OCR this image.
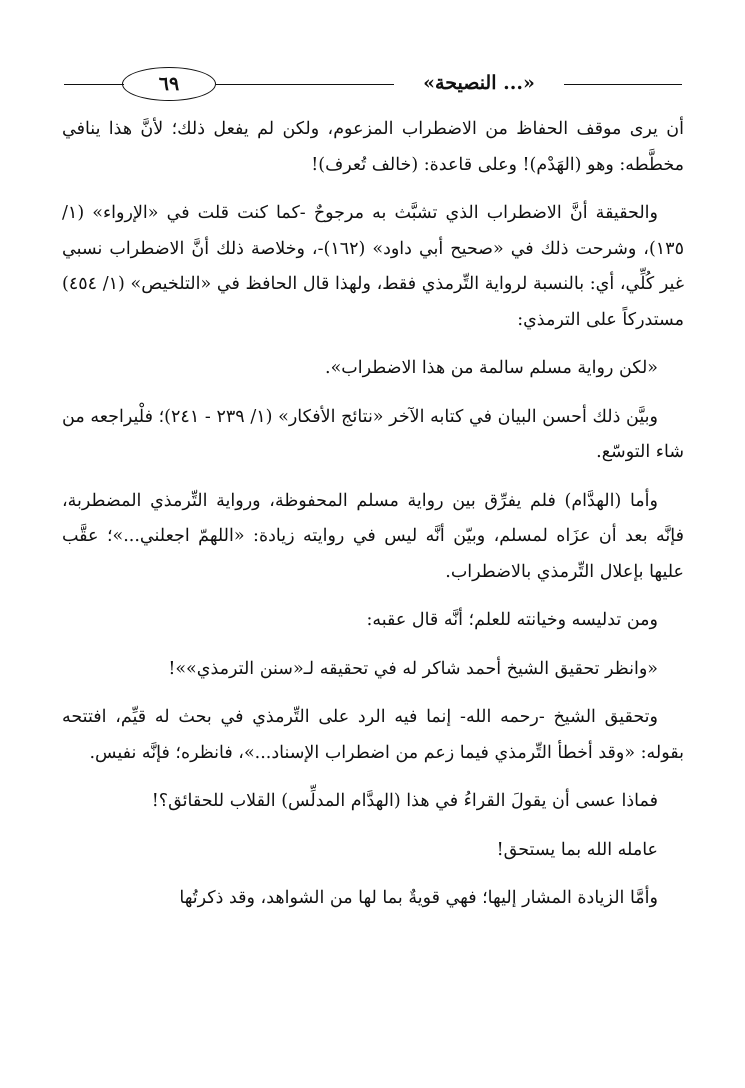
٦٩	«النصيحة ...»

أن يرى موقف الحفاظ من الاضطراب المزعوم، ولكن لم يفعل ذلك؛ لأنَّ هذا ينافي مخطَّطه: وهو (الهَدْم)! وعلى قاعدة: (خالف تُعرف)!

والحقيقة أنَّ الاضطراب الذي تشبَّث به مرجوحٌ -كما كنت قلت في «الإرواء» (١/ ١٣٥)، وشرحت ذلك في «صحيح أبي داود» (١٦٢)-، وخلاصة ذلك أنَّ الاضطراب نسبي غير كُلِّي، أي: بالنسبة لرواية التِّرمذي فقط، ولهذا قال الحافظ في «التلخيص» (١/ ٤٥٤) مستدركاً على الترمذي:

«لكن رواية مسلم سالمة من هذا الاضطراب».

وبيَّن ذلك أحسن البيان في كتابه الآخر «نتائج الأفكار» (١/ ٢٣٩ - ٢٤١)؛ فلْيراجعه من شاء التوسّع.

وأما (الهدَّام) فلم يفرِّق بين رواية مسلم المحفوظة، ورواية التِّرمذي المضطربة، فإنَّه بعد أن عزَاه لمسلم، وبيّن أنَّه ليس في روايته زيادة: «اللهمّ اجعلني...»؛ عقَّب عليها بإعلال التِّرمذي بالاضطراب.

ومن تدليسه وخيانته للعلم؛ أنَّه قال عقبه:

«وانظر تحقيق الشيخ أحمد شاكر له في تحقيقه لـ«سنن الترمذي»»!

وتحقيق الشيخ -رحمه الله- إنما فيه الرد على التِّرمذي في بحث له قيِّم، افتتحه بقوله: «وقد أخطأ التِّرمذي فيما زعم من اضطراب الإسناد...»، فانظره؛ فإنَّه نفيس.

فماذا عسى أن يقولَ القراءُ في هذا (الهدَّام المدلِّس) القلاب للحقائق؟!

عامله الله بما يستحق!

وأمَّا الزيادة المشار إليها؛ فهي قويةٌ بما لها من الشواهد، وقد ذكرتُها
